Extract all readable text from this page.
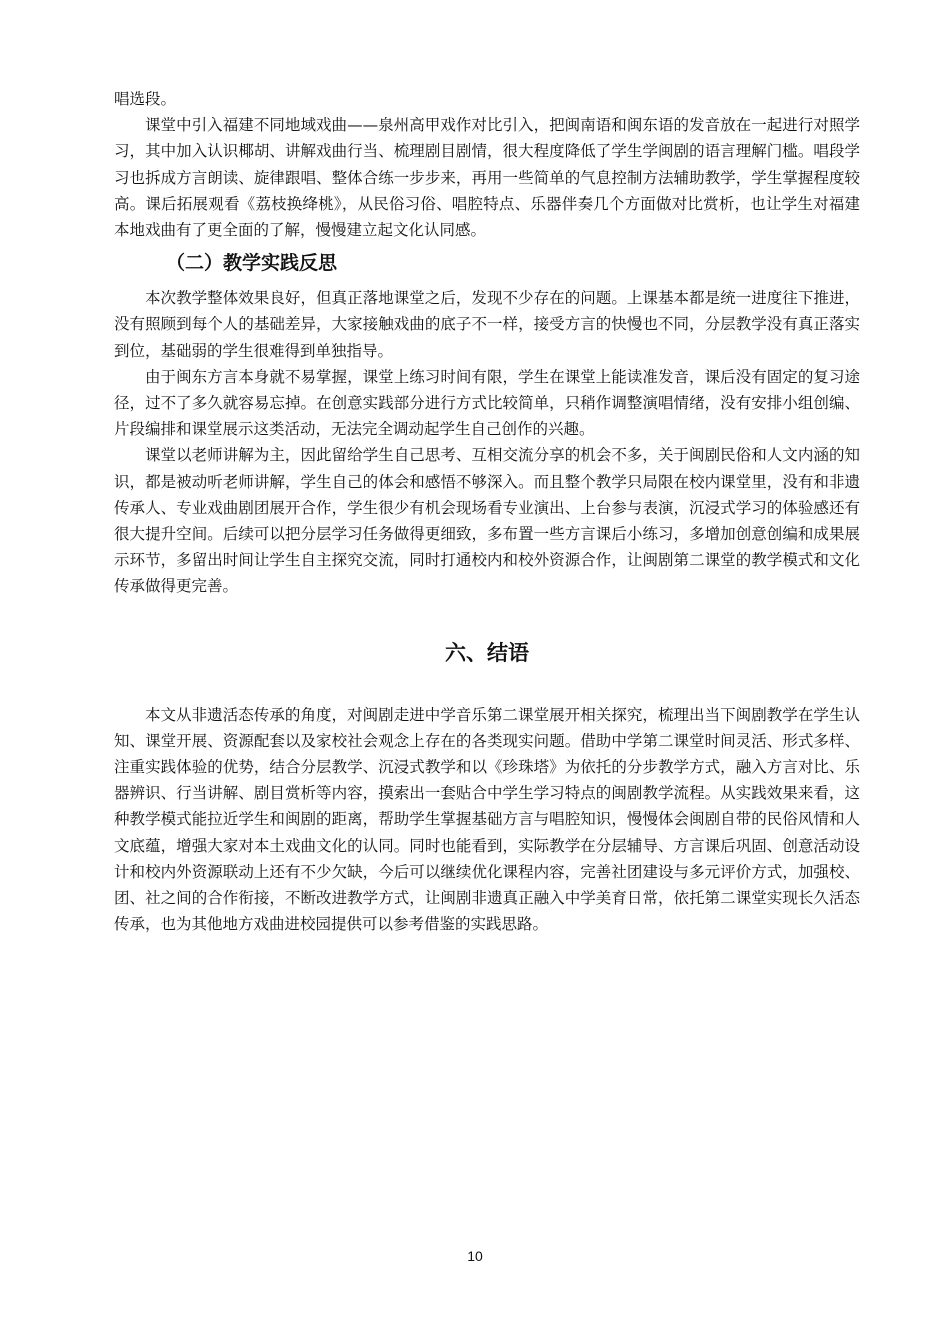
唱选段。

课堂中引入福建不同地域戏曲——泉州高甲戏作对比引入，把闽南语和闽东语的发音放在一起进行对照学习，其中加入认识椰胡、讲解戏曲行当、梳理剧目剧情，很大程度降低了学生学闽剧的语言理解门槛。唱段学习也拆成方言朗读、旋律跟唱、整体合练一步步来，再用一些简单的气息控制方法辅助教学，学生掌握程度较高。课后拓展观看《荔枝换绛桃》，从民俗习俗、唱腔特点、乐器伴奏几个方面做对比赏析，也让学生对福建本地戏曲有了更全面的了解，慢慢建立起文化认同感。

（二）教学实践反思

本次教学整体效果良好，但真正落地课堂之后，发现不少存在的问题。上课基本都是统一进度往下推进，没有照顾到每个人的基础差异，大家接触戏曲的底子不一样，接受方言的快慢也不同，分层教学没有真正落实到位，基础弱的学生很难得到单独指导。

由于闽东方言本身就不易掌握，课堂上练习时间有限，学生在课堂上能读准发音，课后没有固定的复习途径，过不了多久就容易忘掉。在创意实践部分进行方式比较简单，只稍作调整演唱情绪，没有安排小组创编、片段编排和课堂展示这类活动，无法完全调动起学生自己创作的兴趣。

课堂以老师讲解为主，因此留给学生自己思考、互相交流分享的机会不多，关于闽剧民俗和人文内涵的知识，都是被动听老师讲解，学生自己的体会和感悟不够深入。而且整个教学只局限在校内课堂里，没有和非遗传承人、专业戏曲剧团展开合作，学生很少有机会现场看专业演出、上台参与表演，沉浸式学习的体验感还有很大提升空间。后续可以把分层学习任务做得更细致，多布置一些方言课后小练习，多增加创意创编和成果展示环节，多留出时间让学生自主探究交流，同时打通校内和校外资源合作，让闽剧第二课堂的教学模式和文化传承做得更完善。

六、结语

本文从非遗活态传承的角度，对闽剧走进中学音乐第二课堂展开相关探究，梳理出当下闽剧教学在学生认知、课堂开展、资源配套以及家校社会观念上存在的各类现实问题。借助中学第二课堂时间灵活、形式多样、注重实践体验的优势，结合分层教学、沉浸式教学和以《珍珠塔》为依托的分步教学方式，融入方言对比、乐器辨识、行当讲解、剧目赏析等内容，摸索出一套贴合中学生学习特点的闽剧教学流程。从实践效果来看，这种教学模式能拉近学生和闽剧的距离，帮助学生掌握基础方言与唱腔知识，慢慢体会闽剧自带的民俗风情和人文底蕴，增强大家对本土戏曲文化的认同。同时也能看到，实际教学在分层辅导、方言课后巩固、创意活动设计和校内外资源联动上还有不少欠缺，今后可以继续优化课程内容，完善社团建设与多元评价方式，加强校、团、社之间的合作衔接，不断改进教学方式，让闽剧非遗真正融入中学美育日常，依托第二课堂实现长久活态传承，也为其他地方戏曲进校园提供可以参考借鉴的实践思路。

10
